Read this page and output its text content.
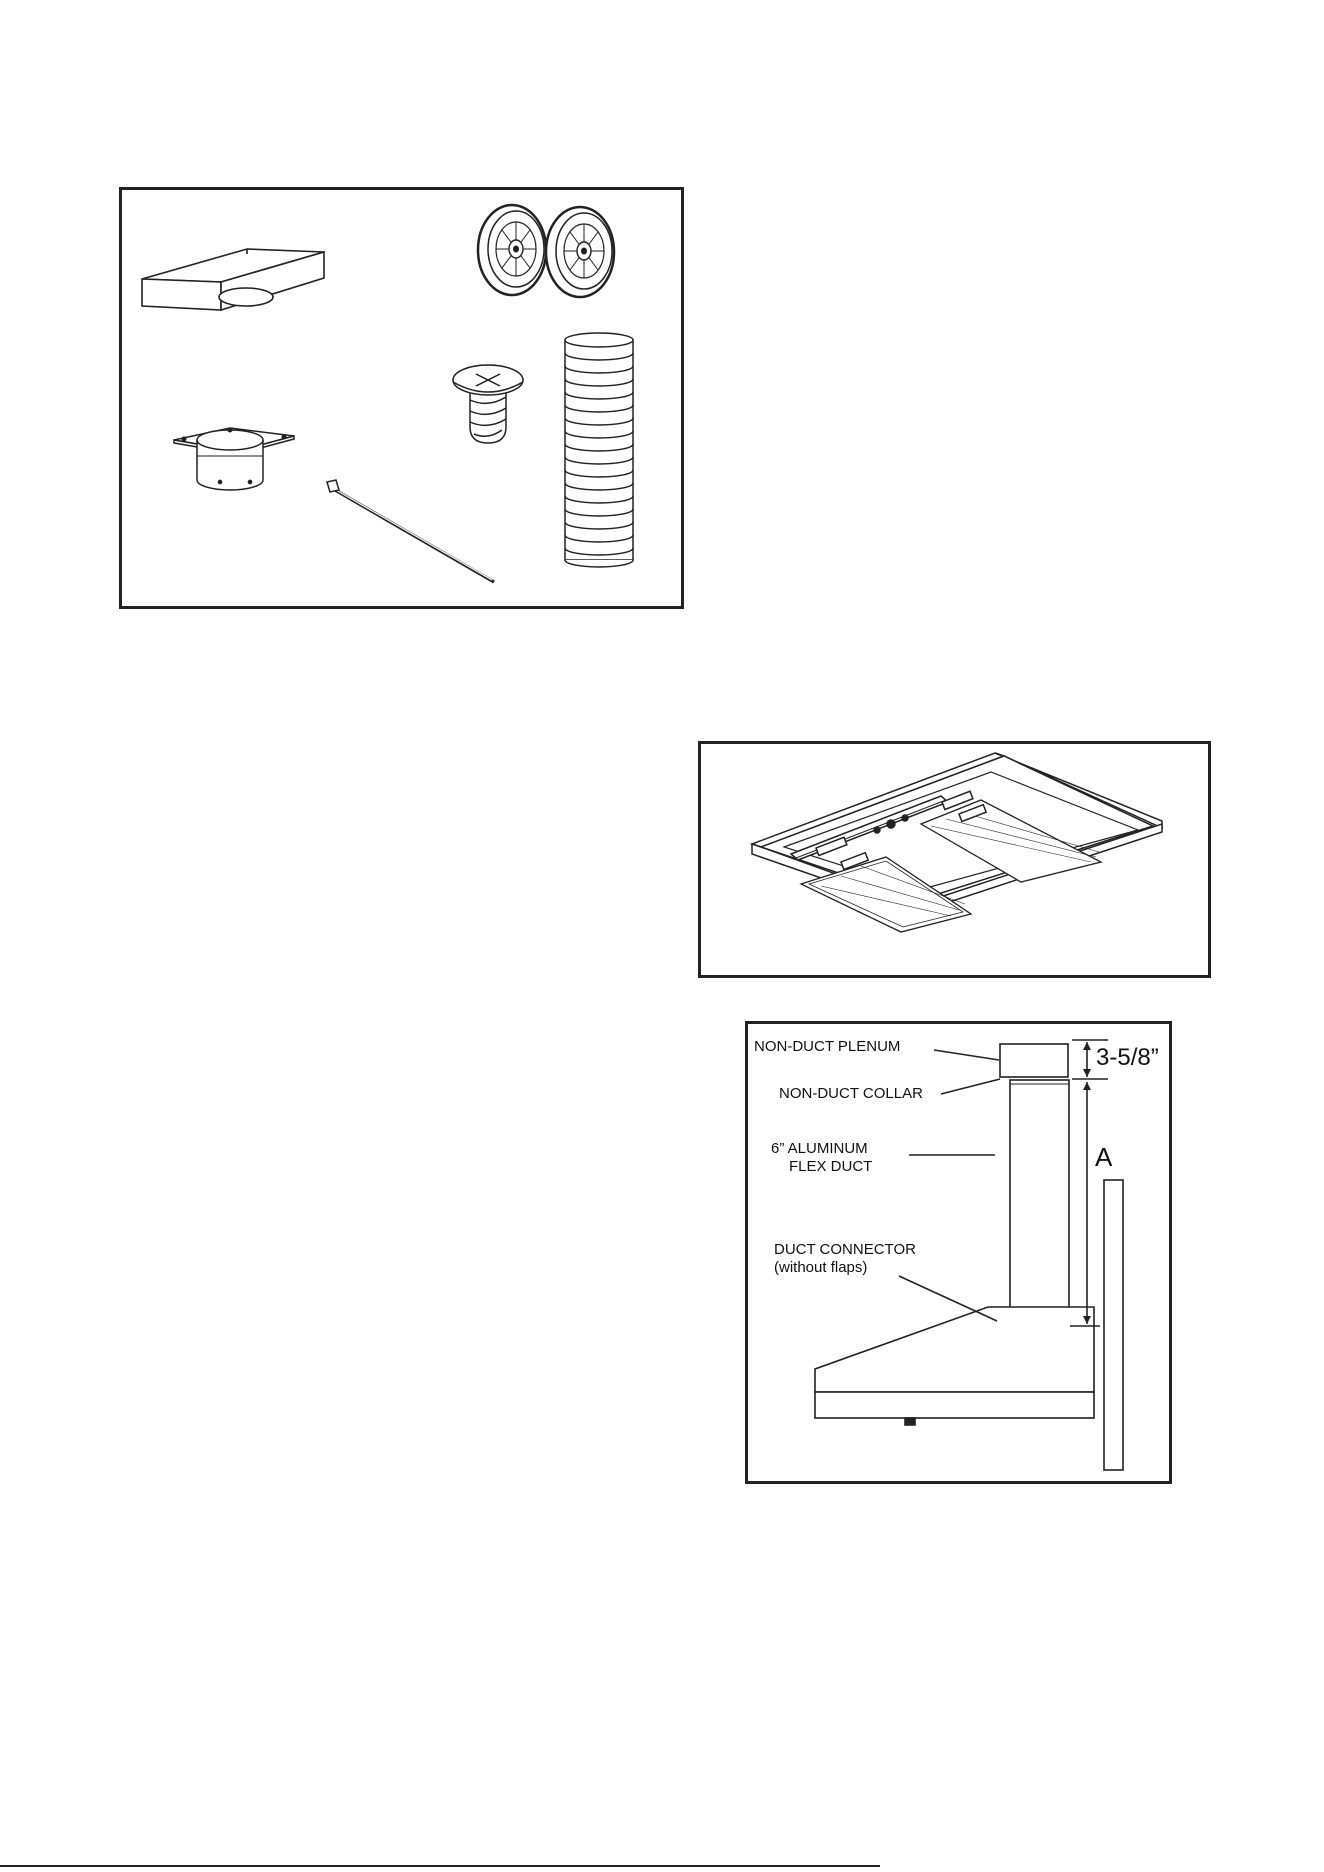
NON-DUCT PLENUM
NON-DUCT COLLAR
6” ALUMINUM
FLEX DUCT
DUCT CONNECTOR
(without flaps)
3-5/8”
A
